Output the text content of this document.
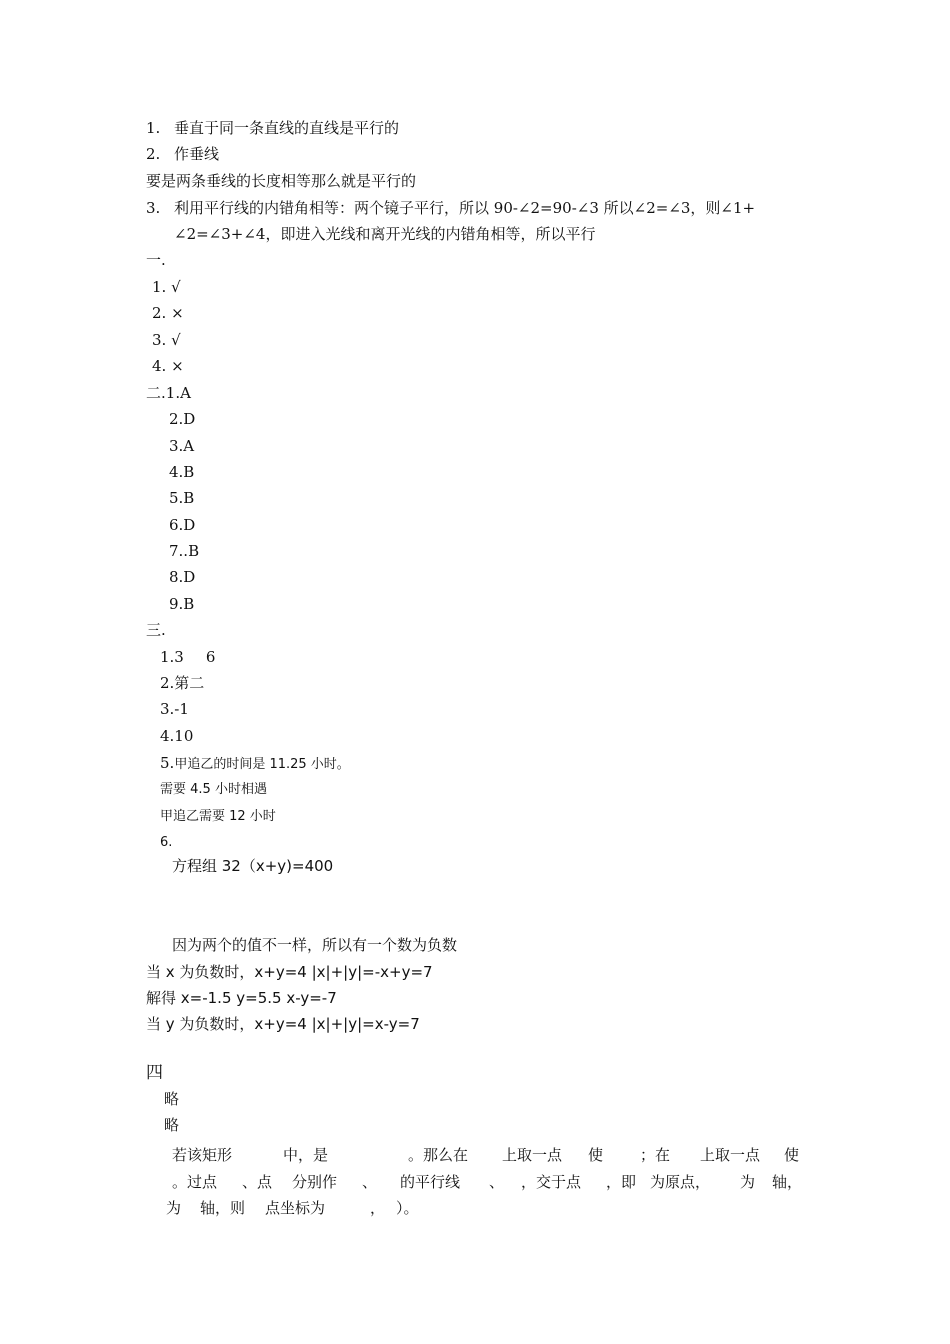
1. 垂直于同一条直线的直线是平行的
2. 作垂线
要是两条垂线的长度相等那么就是平行的
3. 利用平行线的内错角相等：两个镜子平行，所以 90-∠2=90-∠3 所以∠2=∠3，则∠1+
∠2=∠3+∠4，即进入光线和离开光线的内错角相等，所以平行
一.
1. √
2. ×
3. √
4. ×
二.1.A
2.D
3.A
4.B
5.B
6.D
7..B
8.D
9.B
三.
1.3 6
2.第二
3.-1
4.10
5.甲追乙的时间是 11.25 小时。
需要 4.5 小时相遇
甲追乙需要 12 小时
6.
方程组 32（x+y)=400
因为两个的值不一样，所以有一个数为负数
当 x 为负数时，x+y=4 |x|+|y|=-x+y=7
解得 x=-1.5 y=5.5 x-y=-7
当 y 为负数时，x+y=4 |x|+|y|=x-y=7
四
略
略
若该矩形	中，是	。那么在 上取一点 使 ；在 上取一点 使
。过点 、点 分别作 、 的平行线 、 ，交于点 ，即 为原点， 为 轴，
为 轴，则 点坐标为	， ）。
